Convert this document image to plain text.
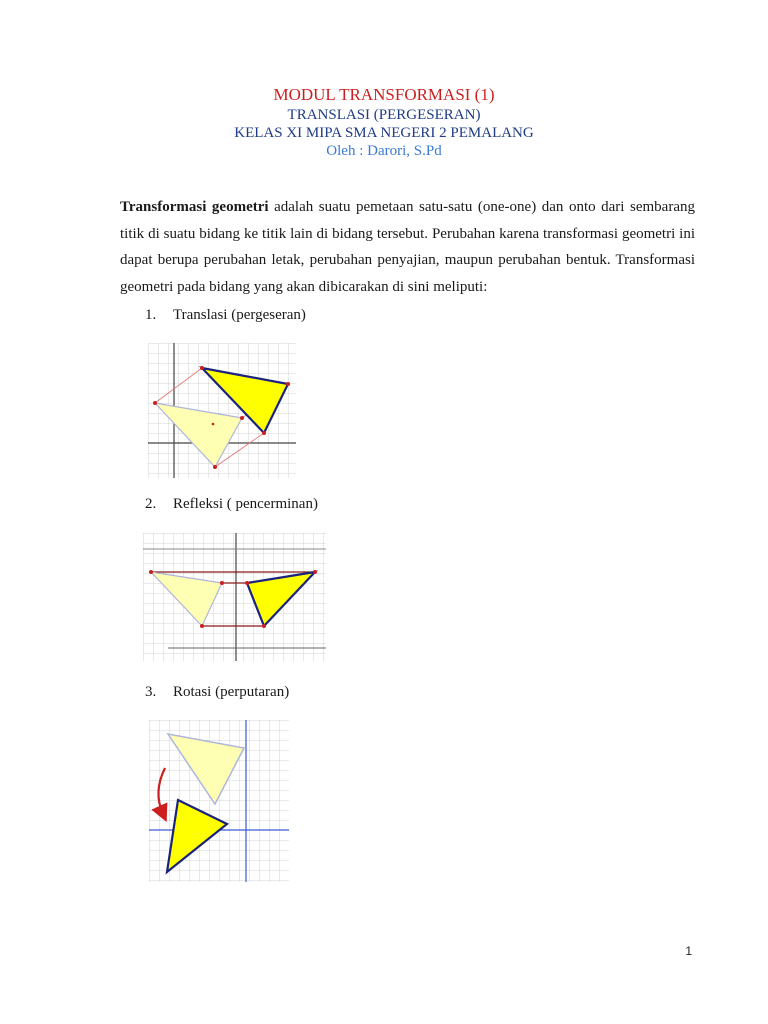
MODUL TRANSFORMASI (1)
TRANSLASI (PERGESERAN)
KELAS XI MIPA SMA NEGERI 2 PEMALANG
Oleh : Darori, S.Pd
Transformasi geometri adalah suatu pemetaan satu-satu (one-one) dan onto dari sembarang titik di suatu bidang ke titik lain di bidang tersebut. Perubahan karena transformasi geometri ini dapat berupa perubahan letak, perubahan penyajian, maupun perubahan bentuk. Transformasi geometri pada bidang yang akan dibicarakan di sini meliputi:
1. Translasi (pergeseran)
2. Refleksi ( pencerminan)
3. Rotasi (perputaran)
1
